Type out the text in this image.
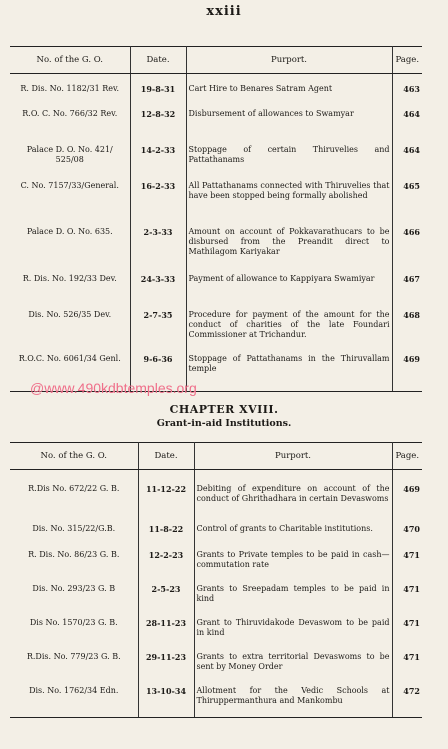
xxiii
No. of the G. O.	Date.	Purport.	Page.
R. Dis. No. 1182/31 Rev.	19-8-31	Cart Hire to Benares Satram Agent	463
R.O. C. No. 766/32 Rev.	12-8-32	Disbursement of allowances to Swamyar	464
Palace D. O. No. 421/ 525/08	14-2-33	Stoppage of certain Thiruvelies and Pattathanams	464
C. No. 7157/33/General.	16-2-33	All Pattathanams connected with Thiruvelies that have been stopped being formally abolished	465
Palace D. O. No. 635.	2-3-33	Amount on account of Pokkavarathucars to be disbursed from the Preandit direct to Mathilagom Kariyakar	466
R. Dis. No. 192/33 Dev.	24-3-33	Payment of allowance to Kappiyara Swamiyar	467
Dis. No. 526/35 Dev.	2-7-35	Procedure for payment of the amount for the conduct of charities of the late Foundari Commissioner at Trichandur.	468
R.O.C. No. 6061/34 Genl.	9-6-36	Stoppage of Pattathanams in the Thiruvallam temple	469
@www.490kdbtemples.org
CHAPTER XVIII.
Grant-in-aid Institutions.
No. of the G. O.	Date.	Purport.	Page.
R.Dis No. 672/22 G. B.	11-12-22	Debiting of expenditure on account of the conduct of Ghrithadhara in certain Devaswoms	469
Dis. No. 315/22/G.B.	11-8-22	Control of grants to Charitable institutions.	470
R. Dis. No. 86/23 G. B.	12-2-23	Grants to Private temples to be paid in cash—commutation rate	471
Dis. No. 293/23 G. B	2-5-23	Grants to Sreepadam temples to be paid in kind	471
Dis No. 1570/23 G. B.	28-11-23	Grant to Thiruvidakode Devaswom to be paid in kind	471
R.Dis. No. 779/23 G. B.	29-11-23	Grants to extra territorial Devaswoms to be sent by Money Order	471
Dis. No. 1762/34 Edn.	13-10-34	Allotment for the Vedic Schools at Thiruppermanthura and Mankombu	472
